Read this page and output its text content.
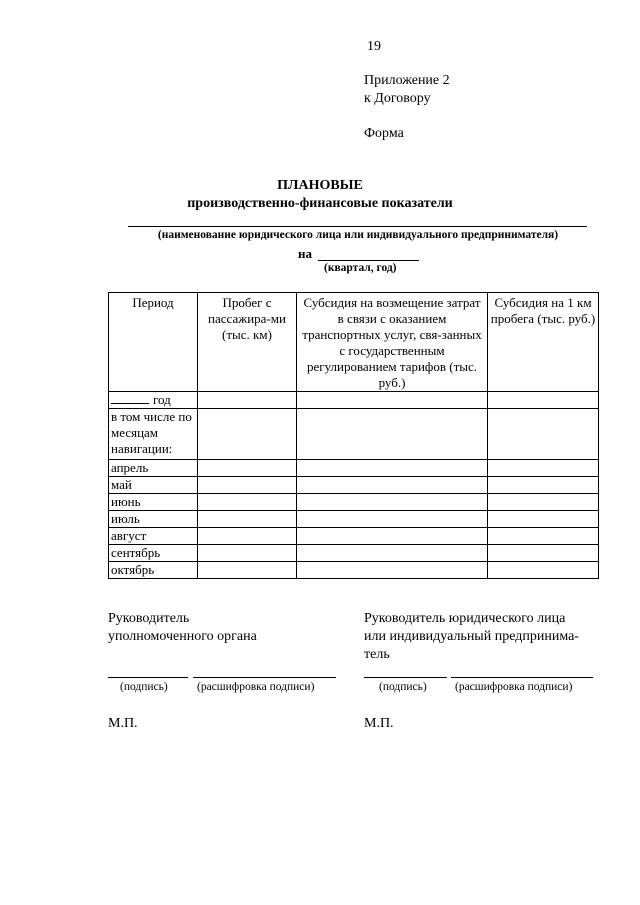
19
Приложение 2
к Договору
Форма
ПЛАНОВЫЕ
производственно-финансовые показатели
(наименование юридического лица или индивидуального предпринимателя)
на
(квартал, год)
Период	Пробег с пассажира-ми (тыс. км)	Субсидия на возмещение затрат в связи с оказанием транспортных услуг, свя-занных с государственным регулированием тарифов (тыс. руб.)	Субсидия на 1 км пробега (тыс. руб.)
год			
в том числе по месяцам навигации:			
апрель			
май			
июнь			
июль			
август			
сентябрь			
октябрь			
Руководитель
уполномоченного органа
Руководитель юридического лица
или индивидуальный предпринима-
тель
(подпись)	(расшифровка подписи)	(подпись) (расшифровка подписи)
М.П.	М.П.
